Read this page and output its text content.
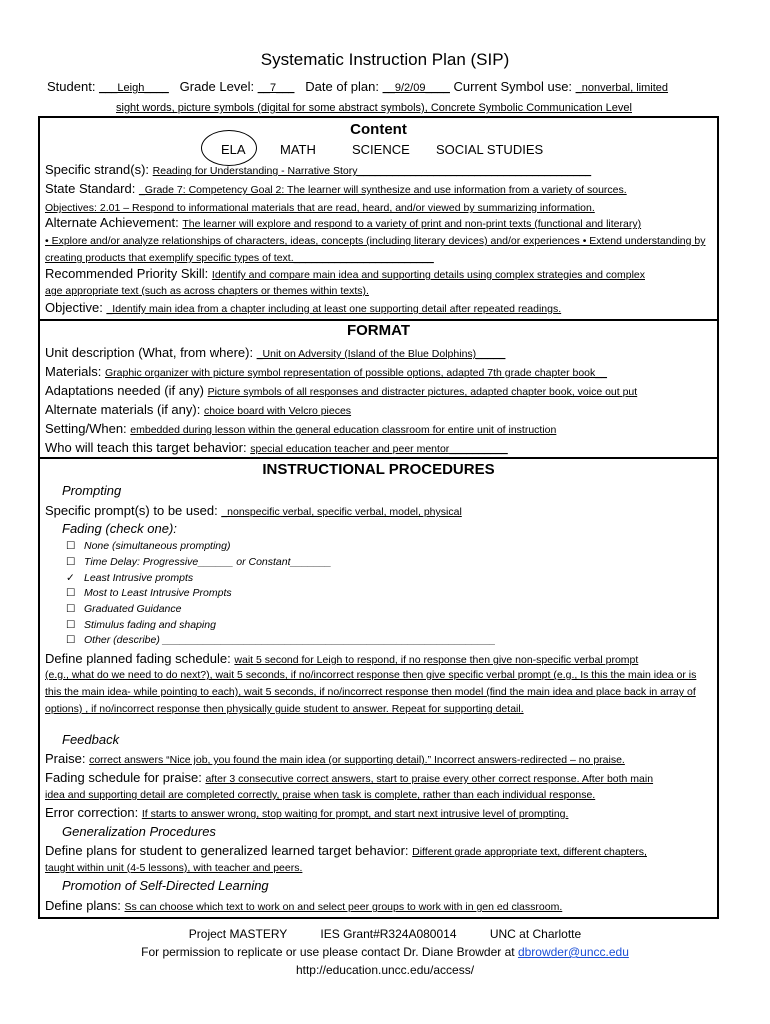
Systematic Instruction Plan (SIP)
Student: ___Leigh____ Grade Level: __7___ Date of plan: __9/2/09____ Current Symbol use: _nonverbal, limited
sight words, picture symbols (digital for some abstract symbols), Concrete Symbolic Communication Level
Content
ELA	MATH	SCIENCE SOCIAL STUDIES
Specific strand(s): Reading for Understanding - Narrative Story________________________________________
State Standard: _Grade 7: Competency Goal 2: The learner will synthesize and use information from a variety of sources.
Objectives: 2.01 – Respond to informational materials that are read, heard, and/or viewed by summarizing information.
Alternate Achievement: The learner will explore and respond to a variety of print and non-print texts (functional and literary)
• Explore and/or analyze relationships of characters, ideas, concepts (including literary devices) and/or experiences • Extend understanding by creating products that exemplify specific types of text.________________________
Recommended Priority Skill: Identify and compare main idea and supporting details using complex strategies and complex
age appropriate text (such as across chapters or themes within texts).
Objective: _Identify main idea from a chapter including at least one supporting detail after repeated readings.
FORMAT
Unit description (What, from where): _Unit on Adversity (Island of the Blue Dolphins)_____
Materials: Graphic organizer with picture symbol representation of possible options, adapted 7th grade chapter book__
Adaptations needed (if any) Picture symbols of all responses and distracter pictures, adapted chapter book, voice out put
Alternate materials (if any): choice board with Velcro pieces
Setting/When: embedded during lesson within the general education classroom for entire unit of instruction
Who will teach this target behavior: special education teacher and peer mentor__________
INSTRUCTIONAL PROCEDURES
Prompting
Specific prompt(s) to be used: _nonspecific verbal, specific verbal, model, physical
Fading (check one):
☐ None (simultaneous prompting)
☐ Time Delay: Progressive______ or Constant_______
✓ Least Intrusive prompts
☐ Most to Least Intrusive Prompts
☐ Graduated Guidance
☐ Stimulus fading and shaping
☐ Other (describe) _________________________________________________________
Define planned fading schedule: wait 5 second for Leigh to respond, if no response then give non-specific verbal prompt
(e.g., what do we need to do next?), wait 5 seconds, if no/incorrect response then give specific verbal prompt (e.g., Is this the main idea or is this the main idea- while pointing to each), wait 5 seconds, if no/incorrect response then model (find the main idea and place back in array of options) , if no/incorrect response then physically guide student to answer. Repeat for supporting detail.
Feedback
Praise: correct answers “Nice job, you found the main idea (or supporting detail).” Incorrect answers-redirected – no praise.
Fading schedule for praise: after 3 consecutive correct answers, start to praise every other correct response. After both main
idea and supporting detail are completed correctly, praise when task is complete, rather than each individual response.
Error correction: If starts to answer wrong, stop waiting for prompt, and start next intrusive level of prompting.
Generalization Procedures
Define plans for student to generalized learned target behavior: Different grade appropriate text, different chapters,
taught within unit (4-5 lessons), with teacher and peers.
Promotion of Self-Directed Learning
Define plans: Ss can choose which text to work on and select peer groups to work with in gen ed classroom.
Project MASTERY          IES Grant#R324A080014          UNC at Charlotte
For permission to replicate or use please contact Dr. Diane Browder at dbrowder@uncc.edu
http://education.uncc.edu/access/
